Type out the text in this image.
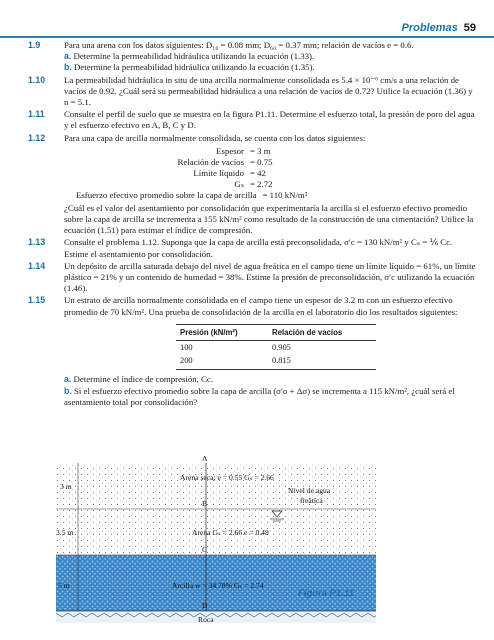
Problemas 59
1.9	Para una arena con los datos siguientes: D₁₀ = 0.08 mm; D₆₀ = 0.37 mm; relación de vacíos e = 0.6.
a. Determine la permeabilidad hidráulica utilizando la ecuación (1.33).
b. Determine la permeabilidad hidráulica utilizando la ecuación (1.35).
1.10 La permeabilidad hidráulica in situ de una arcilla normalmente consolidada es 5.4 × 10⁻⁶ cm/s a una relación de vacíos de 0.92. ¿Cuál será su permeabilidad hidráulica a una relación de vacíos de 0.72? Utilice la ecuación (1.36) y n = 5.1.
1.11 Consulte el perfil de suelo que se muestra en la figura P1.11. Determine el esfuerzo total, la presión de poro del agua y el esfuerzo efectivo en A, B, C y D.
1.12 Para una capa de arcilla normalmente consolidada, se cuenta con los datos siguientes:
Espesor = 3 m
Relación de vacíos = 0.75
Límite líquido = 42
Gₛ = 2.72
Esfuerzo efectivo promedio sobre la capa de arcilla = 110 kN/m²
¿Cuál es el valor del asentamiento por consolidación que experimentaría la arcilla si el esfuerzo efectivo promedio sobre la capa de arcilla se incrementa a 155 kN/m² como resultado de la construcción de una cimentación? Utilice la ecuación (1.51) para estimar el índice de compresión.
1.13 Consulte el problema 1.12. Suponga que la capa de arcilla está preconsolidada, σ′c = 130 kN/m² y Cₛ = ⅙ Cc. Estime el asentamiento por consolidación.
1.14 Un depósito de arcilla saturada debajo del nivel de agua freática en el campo tiene un límite líquido = 61%, un límite plástico = 21% y un contenido de humedad = 38%. Estime la presión de preconsolidación, σ′c utilizando la ecuación (1.46).
1.15 Un estrato de arcilla normalmente consolidada en el campo tiene un espesor de 3.2 m con un esfuerzo efectivo promedio de 70 kN/m². Una prueba de consolidación de la arcilla en el laboratorio dio los resultados siguientes:
Presión (kN/m²)	Relación de vacíos
100	0.905
200	0.815
a. Determine el índice de compresión, Cc.
b. Si el esfuerzo efectivo promedio sobre la capa de arcilla (σ′o + Δσ) se incrementa a 115 kN/m², ¿cuál será el asentamiento total por consolidación?
A
B
C
D
3 m
Arena seca; e = 0.55 Gₛ = 2.66
Nivel de agua
freática
3.5 m	Arena Gₛ = 2.66 e = 0.48
5 m	Arcilla w = 34.78% Gₛ = 2.74
Roca
Figura P1.11
